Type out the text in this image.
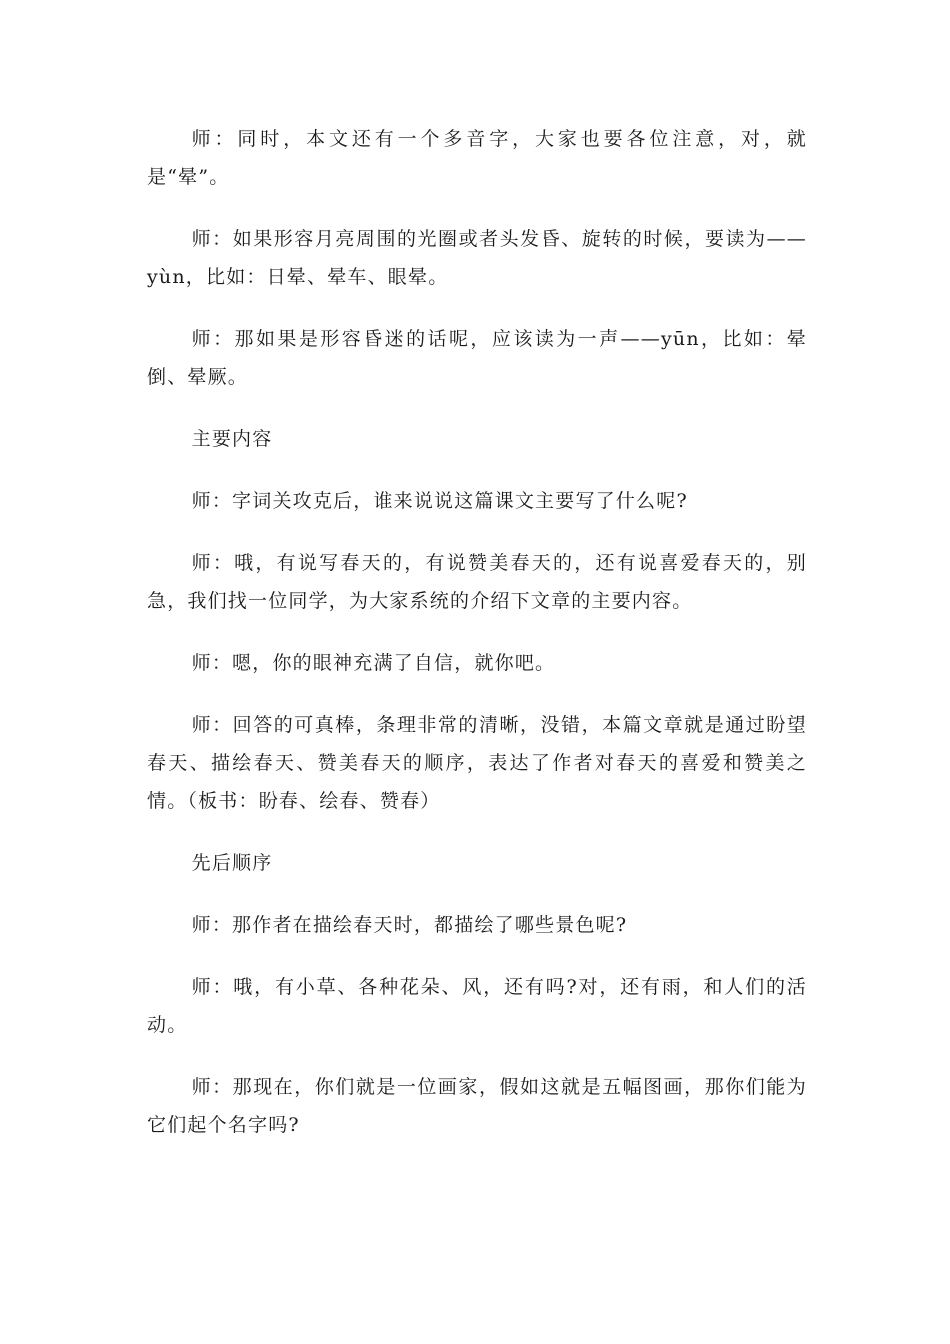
师：同时，本文还有一个多音字，大家也要各位注意，对，就是“晕”。

师：如果形容月亮周围的光圈或者头发昏、旋转的时候，要读为——yùn，比如：日晕、晕车、眼晕。

师：那如果是形容昏迷的话呢，应该读为一声——yūn，比如：晕倒、晕厥。

主要内容

师：字词关攻克后，谁来说说这篇课文主要写了什么呢?

师：哦，有说写春天的，有说赞美春天的，还有说喜爱春天的，别急，我们找一位同学，为大家系统的介绍下文章的主要内容。

师：嗯，你的眼神充满了自信，就你吧。

师：回答的可真棒，条理非常的清晰，没错，本篇文章就是通过盼望春天、描绘春天、赞美春天的顺序，表达了作者对春天的喜爱和赞美之情。（板书：盼春、绘春、赞春）

先后顺序

师：那作者在描绘春天时，都描绘了哪些景色呢?

师：哦，有小草、各种花朵、风，还有吗?对，还有雨，和人们的活动。

师：那现在，你们就是一位画家，假如这就是五幅图画，那你们能为它们起个名字吗?
